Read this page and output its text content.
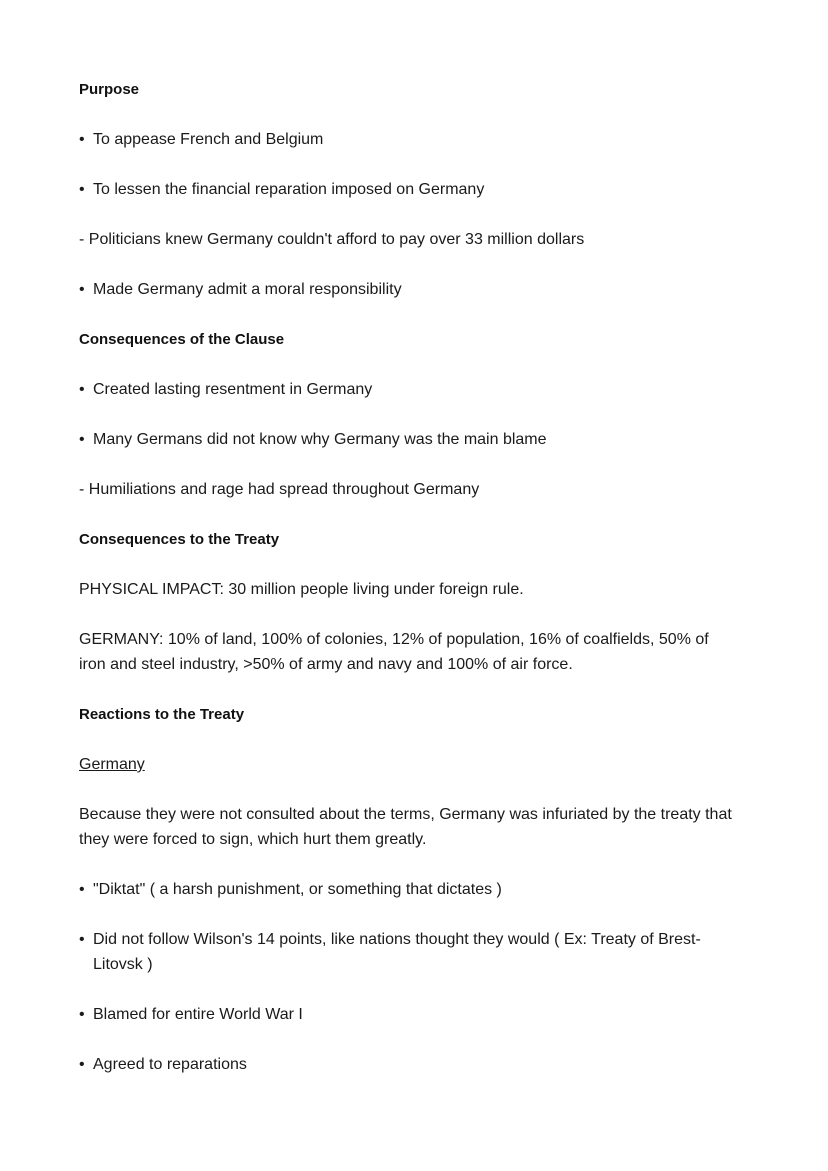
Purpose
• To appease French and Belgium
• To lessen the financial reparation imposed on Germany
- Politicians knew Germany couldn't afford to pay over 33 million dollars
• Made Germany admit a moral responsibility
Consequences of the Clause
• Created lasting resentment in Germany
• Many Germans did not know why Germany was the main blame
- Humiliations and rage had spread throughout Germany
Consequences to the Treaty
PHYSICAL IMPACT: 30 million people living under foreign rule.
GERMANY: 10% of land, 100% of colonies, 12% of population, 16% of coalfields, 50% of iron and steel industry, >50% of army and navy and 100% of air force.
Reactions to the Treaty
Germany
Because they were not consulted about the terms, Germany was infuriated by the treaty that they were forced to sign, which hurt them greatly.
• "Diktat" ( a harsh punishment, or something that dictates )
• Did not follow Wilson's 14 points, like nations thought they would ( Ex: Treaty of Brest-Litovsk )
• Blamed for entire World War I
• Agreed to reparations
